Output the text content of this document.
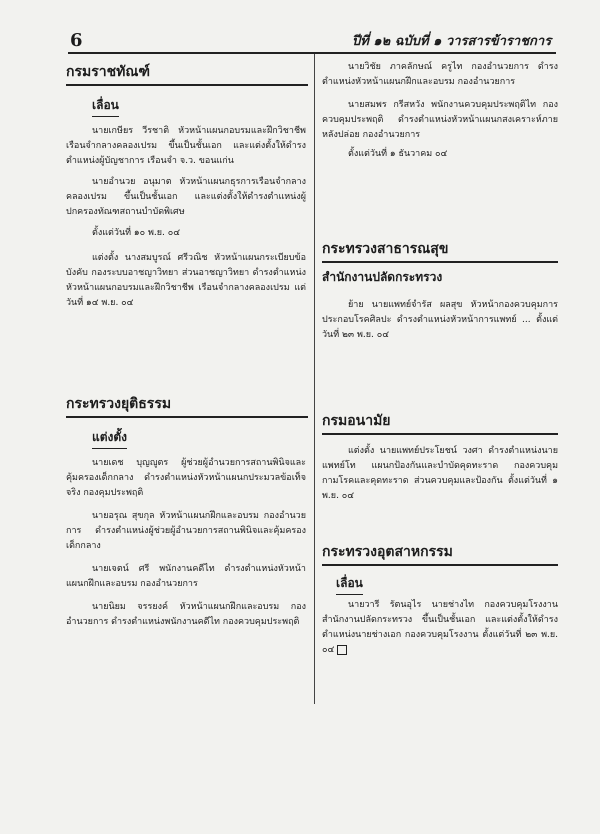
6	ปีที่ ๑๒ ฉบับที่ ๑ วารสารข้าราชการ
กรมราชทัณฑ์
เลื่อน

นายเกษียร วีรชาติ หัวหน้าแผนกอบรมและฝึกวิชาชีพ เรือนจำกลางคลองเปรม ขึ้นเป็นชั้นเอก และแต่งตั้งให้ดำรงตำแหน่งผู้บัญชาการ เรือนจำ จ.ว. ขอนแก่น

นายอำนวย อนุมาต หัวหน้าแผนกธุรการเรือนจำกลางคลองเปรม ขึ้นเป็นชั้นเอก และแต่งตั้งให้ดำรงตำแหน่งผู้ปกครองทัณฑสถานบำบัดพิเศษ

ตั้งแต่วันที่ ๑๐ พ.ย. ๐๔

แต่งตั้ง นางสมบูรณ์ ศรีวณิช หัวหน้าแผนกระเบียบข้อบังคับ กองระบบอาชญาวิทยา ส่วนอาชญาวิทยา ดำรงตำแหน่งหัวหน้าแผนกอบรมและฝึกวิชาชีพ เรือนจำกลางคลองเปรม แต่วันที่ ๑๔ พ.ย. ๐๔

กระทรวงยุติธรรม
แต่งตั้ง

นายเดช บุญญูตร ผู้ช่วยผู้อำนวยการสถานพินิจและคุ้มครองเด็กกลาง ดำรงตำแหน่งหัวหน้าแผนกประมวลข้อเท็จจริง กองคุมประพฤติ

นายอรุณ สุขกุล หัวหน้าแผนกฝึกและอบรม กองอำนวยการ ดำรงตำแหน่งผู้ช่วยผู้อำนวยการสถานพินิจและคุ้มครองเด็กกลาง

นายเจตน์ ศรี พนักงานคดีไท ดำรงตำแหน่งหัวหน้าแผนกฝึกและอบรม กองอำนวยการ

นายนิยม จรรยงค์ หัวหน้าแผนกฝึกและอบรม กองอำนวยการ ดำรงตำแหน่งพนักงานคดีไท กองควบคุมประพฤติ

นายวิชัย ภาคลักษณ์ ครูไท กองอำนวยการ ดำรงตำแหน่งหัวหน้าแผนกฝึกและอบรม กองอำนวยการ

นายสมพร กรีสหวัง พนักงานควบคุมประพฤติไท กองควบคุมประพฤติ ดำรงตำแหน่งหัวหน้าแผนกสงเคราะห์ภายหลังปล่อย กองอำนวยการ

ตั้งแต่วันที่ ๑ ธันวาคม ๐๔

กระทรวงสาธารณสุข
สำนักงานปลัดกระทรวง

ย้าย นายแพทย์จำรัส ผลสุข หัวหน้ากองควบคุมการประกอบโรคศิลปะ ดำรงตำแหน่งหัวหน้าการแพทย์ ... ตั้งแต่วันที่ ๒๓ พ.ย. ๐๔

กรมอนามัย

แต่งตั้ง นายแพทย์ประโยชน์ วงศา ดำรงตำแหน่งนายแพทย์โท แผนกป้องกันและบำบัดคุดทะราด กองควบคุมกามโรคและคุดทะราด ส่วนควบคุมและป้องกัน ตั้งแต่วันที่ ๑ พ.ย. ๐๔

กระทรวงอุตสาหกรรม
เลื่อน

นายวารี รัตนอุไร นายช่างไท กองควบคุมโรงงาน สำนักงานปลัดกระทรวง ขึ้นเป็นชั้นเอก และแต่งตั้งให้ดำรงตำแหน่งนายช่างเอก กองควบคุมโรงงาน ตั้งแต่วันที่ ๒๓ พ.ย. ๐๔
